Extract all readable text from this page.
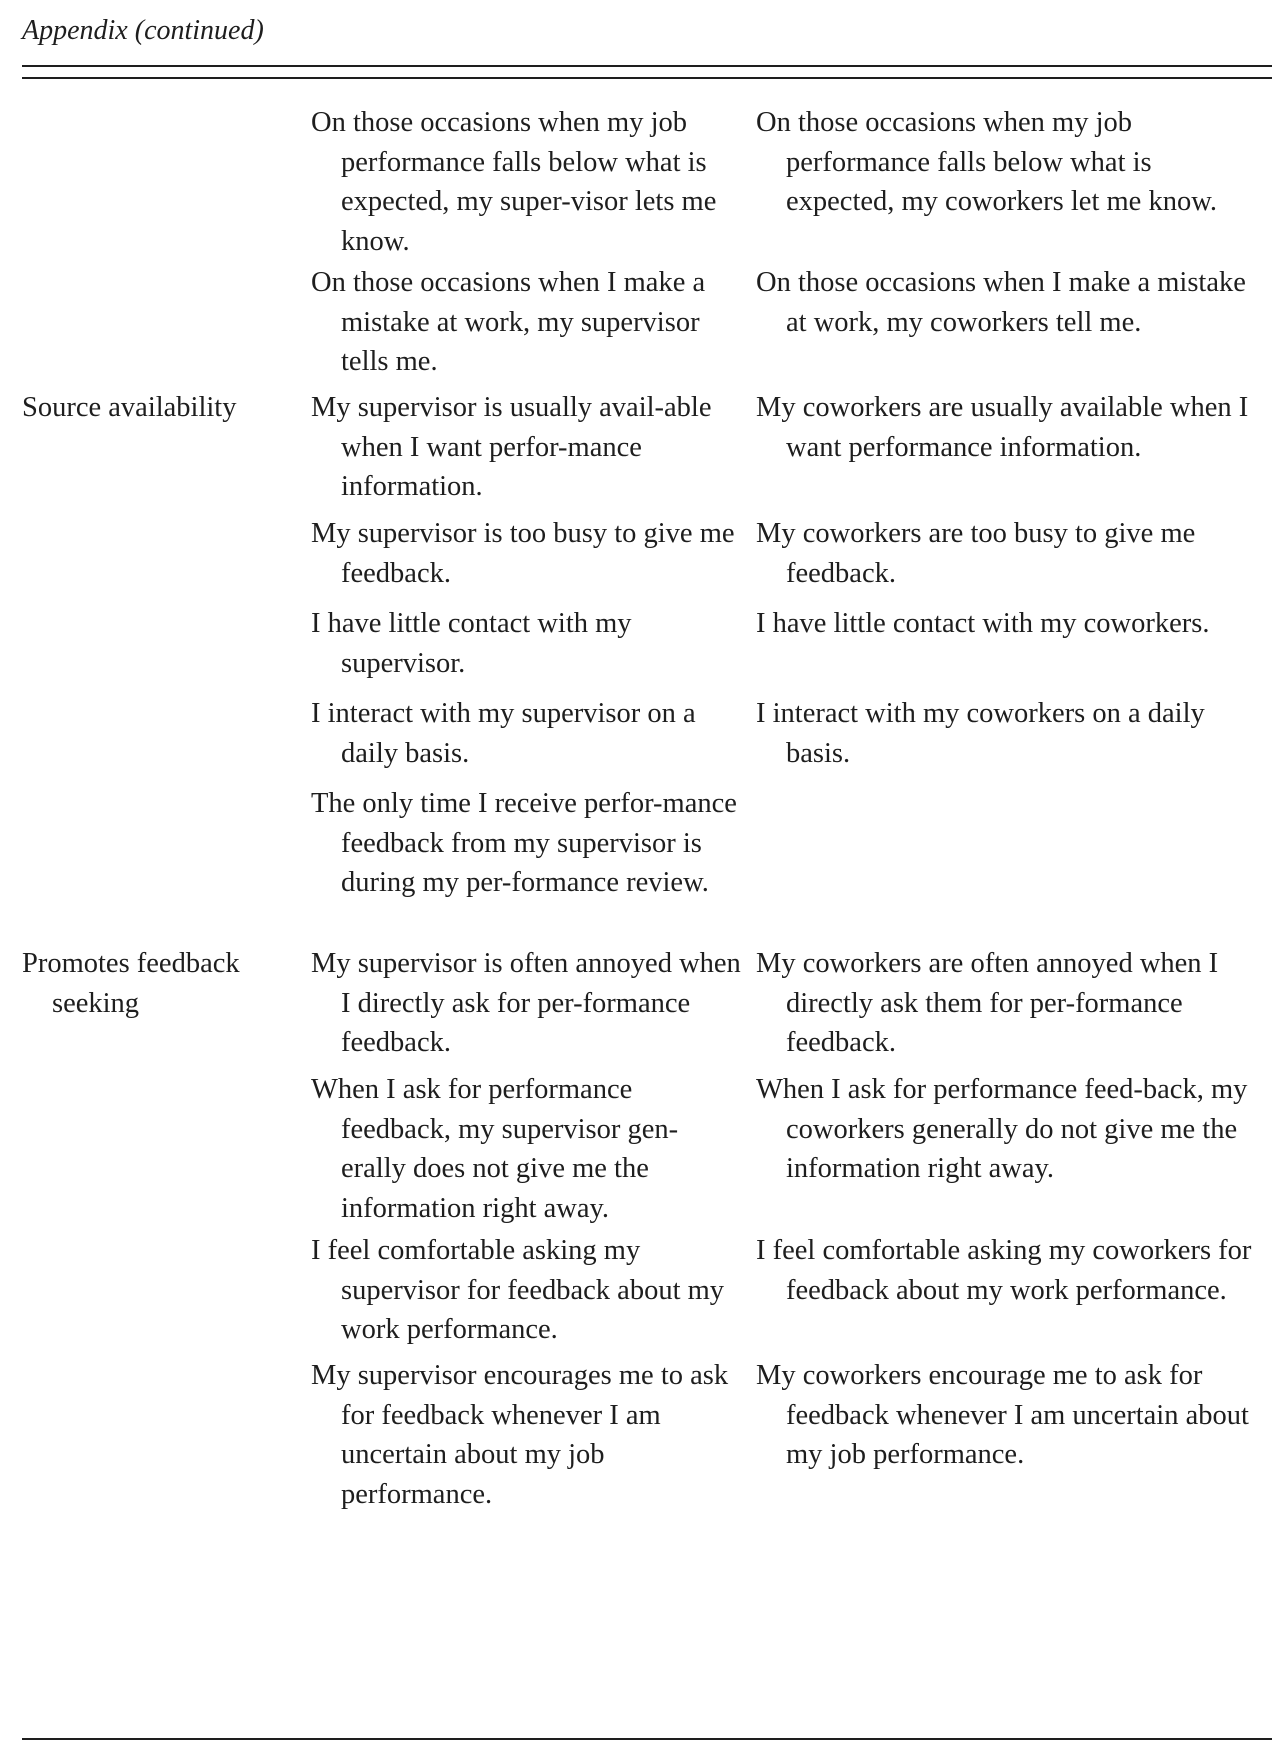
Appendix (continued)
On those occasions when my job performance falls below what is expected, my super-visor lets me know.
On those occasions when my job performance falls below what is expected, my coworkers let me know.
On those occasions when I make a mistake at work, my supervisor tells me.
On those occasions when I make a mistake at work, my coworkers tell me.
Source availability	My supervisor is usually avail-able when I want perfor-mance information.
My coworkers are usually available when I want performance information.
My supervisor is too busy to give me feedback.
My coworkers are too busy to give me feedback.
I have little contact with my supervisor.
I have little contact with my coworkers.
I interact with my supervisor on a daily basis.
I interact with my coworkers on a daily basis.
The only time I receive perfor-mance feedback from my supervisor is during my per-formance review.
Promotes feedback seeking
My supervisor is often annoyed when I directly ask for per-formance feedback.
My coworkers are often annoyed when I directly ask them for per-formance feedback.
When I ask for performance feedback, my supervisor gen-erally does not give me the information right away.
When I ask for performance feed-back, my coworkers generally do not give me the information right away.
I feel comfortable asking my supervisor for feedback about my work performance.
I feel comfortable asking my coworkers for feedback about my work performance.
My supervisor encourages me to ask for feedback whenever I am uncertain about my job performance.
My coworkers encourage me to ask for feedback whenever I am uncertain about my job performance.
